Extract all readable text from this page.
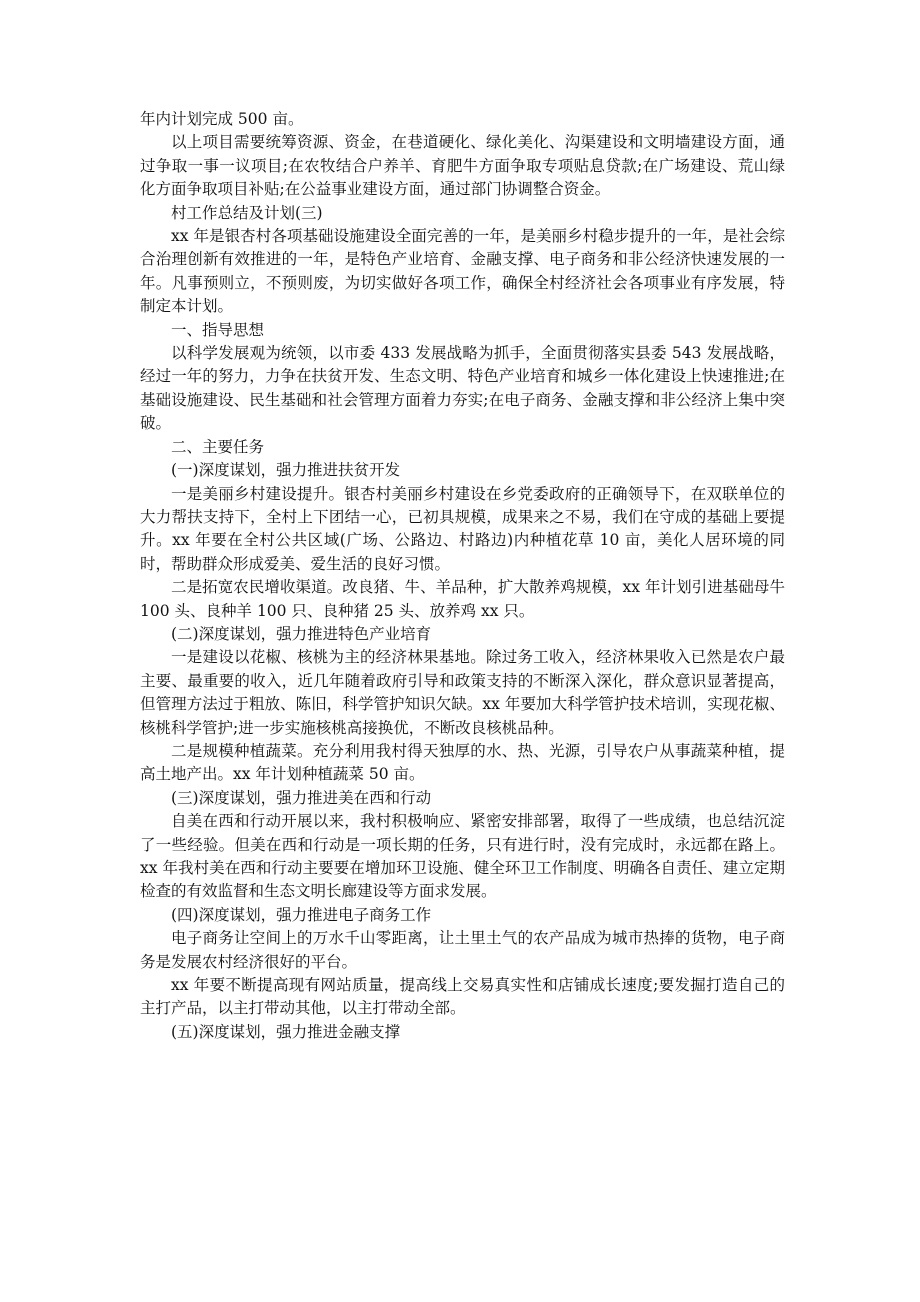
年内计划完成 500 亩。

以上项目需要统筹资源、资金，在巷道硬化、绿化美化、沟渠建设和文明墙建设方面，通过争取一事一议项目;在农牧结合户养羊、育肥牛方面争取专项贴息贷款;在广场建设、荒山绿化方面争取项目补贴;在公益事业建设方面，通过部门协调整合资金。

村工作总结及计划(三)

xx 年是银杏村各项基础设施建设全面完善的一年，是美丽乡村稳步提升的一年，是社会综合治理创新有效推进的一年，是特色产业培育、金融支撑、电子商务和非公经济快速发展的一年。凡事预则立，不预则废，为切实做好各项工作，确保全村经济社会各项事业有序发展，特制定本计划。

一、指导思想

以科学发展观为统领，以市委 433 发展战略为抓手，全面贯彻落实县委 543 发展战略，经过一年的努力，力争在扶贫开发、生态文明、特色产业培育和城乡一体化建设上快速推进;在基础设施建设、民生基础和社会管理方面着力夯实;在电子商务、金融支撑和非公经济上集中突破。

二、主要任务

(一)深度谋划，强力推进扶贫开发

一是美丽乡村建设提升。银杏村美丽乡村建设在乡党委政府的正确领导下，在双联单位的大力帮扶支持下，全村上下团结一心，已初具规模，成果来之不易，我们在守成的基础上要提升。xx 年要在全村公共区域(广场、公路边、村路边)内种植花草 10 亩，美化人居环境的同时，帮助群众形成爱美、爱生活的良好习惯。

二是拓宽农民增收渠道。改良猪、牛、羊品种，扩大散养鸡规模，xx 年计划引进基础母牛 100 头、良种羊 100 只、良种猪 25 头、放养鸡 xx 只。

(二)深度谋划，强力推进特色产业培育

一是建设以花椒、核桃为主的经济林果基地。除过务工收入，经济林果收入已然是农户最主要、最重要的收入，近几年随着政府引导和政策支持的不断深入深化，群众意识显著提高，但管理方法过于粗放、陈旧，科学管护知识欠缺。xx 年要加大科学管护技术培训，实现花椒、核桃科学管护;进一步实施核桃高接换优，不断改良核桃品种。

二是规模种植蔬菜。充分利用我村得天独厚的水、热、光源，引导农户从事蔬菜种植，提高土地产出。xx 年计划种植蔬菜 50 亩。

(三)深度谋划，强力推进美在西和行动

自美在西和行动开展以来，我村积极响应、紧密安排部署，取得了一些成绩，也总结沉淀了一些经验。但美在西和行动是一项长期的任务，只有进行时，没有完成时，永远都在路上。xx 年我村美在西和行动主要要在增加环卫设施、健全环卫工作制度、明确各自责任、建立定期检查的有效监督和生态文明长廊建设等方面求发展。

(四)深度谋划，强力推进电子商务工作

电子商务让空间上的万水千山零距离，让土里土气的农产品成为城市热捧的货物，电子商务是发展农村经济很好的平台。

xx 年要不断提高现有网站质量，提高线上交易真实性和店铺成长速度;要发掘打造自己的主打产品，以主打带动其他，以主打带动全部。

(五)深度谋划，强力推进金融支撑
